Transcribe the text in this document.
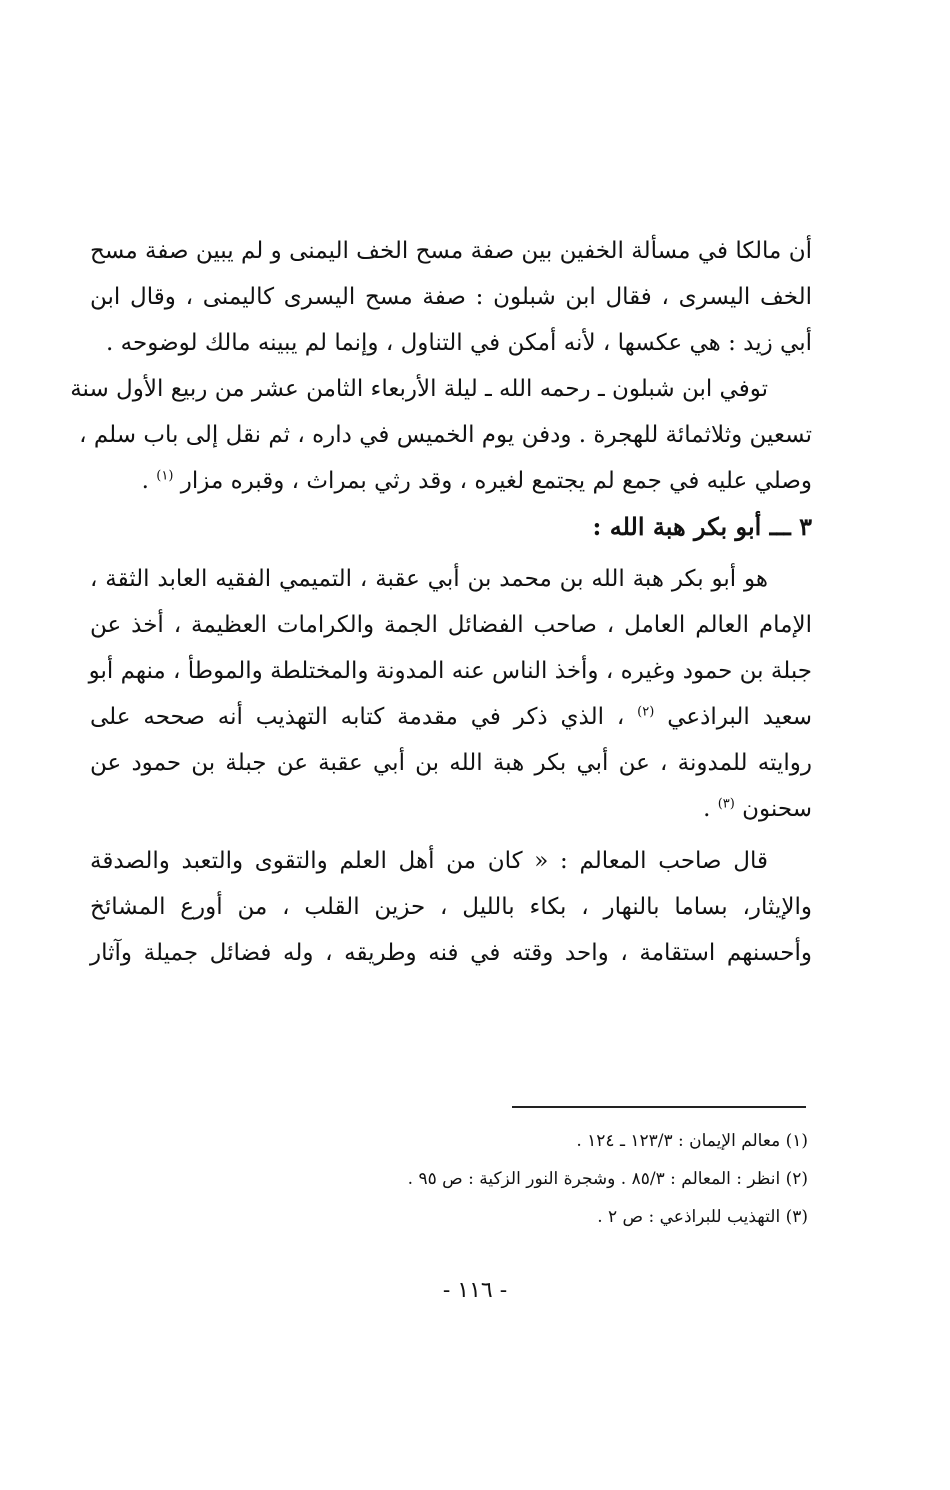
أن مالكا في مسألة الخفين بين صفة مسح الخف اليمنى و لم يبين صفة مسح
الخف اليسرى ، فقال ابن شبلون : صفة مسح اليسرى كاليمنى ، وقال ابن
أبي زيد : هي عكسها ، لأنه أمكن في التناول ، وإنما لم يبينه مالك لوضوحه .
توفي ابن شبلون ـ رحمه الله ـ ليلة الأربعاء الثامن عشر من ربيع الأول سنة
تسعين وثلاثمائة للهجرة . ودفن يوم الخميس في داره ، ثم نقل إلى باب سلم ،
وصلي عليه في جمع لم يجتمع لغيره ، وقد رثي بمراث ، وقبره مزار $^{(١)}$ .
٣ ـــ أبو بكر هبة الله :
هو أبو بكر هبة الله بن محمد بن أبي عقبة ، التميمي الفقيه العابد الثقة ،
الإمام العالم العامل ، صاحب الفضائل الجمة والكرامات العظيمة ، أخذ عن
جبلة بن حمود وغيره ، وأخذ الناس عنه المدونة والمختلطة والموطأ ، منهم أبو
سعيد البراذعي $^{(٢)}$ ، الذي ذكر في مقدمة كتابه التهذيب أنه صححه على
روايته للمدونة ، عن أبي بكر هبة الله بن أبي عقبة عن جبلة بن حمود عن
سحنون $^{(٣)}$ .
قال صاحب المعالم : « كان من أهل العلم والتقوى والتعبد والصدقة
والإيثار، بساما بالنهار ، بكاء بالليل ، حزين القلب ، من أورع المشائخ
وأحسنهم استقامة ، واحد وقته في فنه وطريقه ، وله فضائل جميلة وآثار
(١) معالم الإيمان : ١٢٣/٣ ـ ١٢٤ .
(٢) انظر : المعالم : ٨٥/٣ . وشجرة النور الزكية : ص ٩٥ .
(٣) التهذيب للبراذعي : ص ٢ .
- ١١٦ -
